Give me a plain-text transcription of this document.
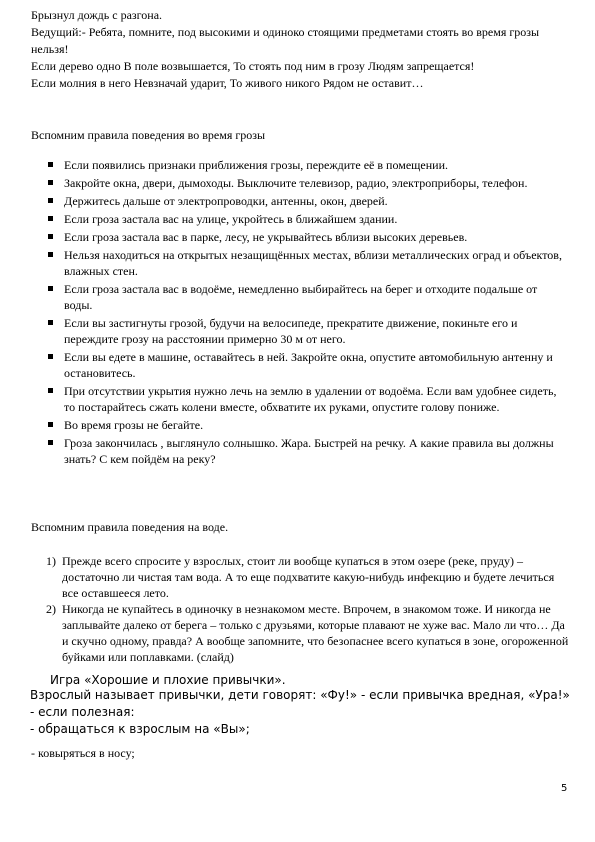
Брызнул дождь с разгона.

Ведущий:- Ребята, помните, под высокими и одиноко стоящими предметами стоять во время грозы нельзя!

Если дерево одно В поле возвышается, То стоять под ним в грозу Людям запрещается!

Если молния в него Невзначай ударит, То живого никого Рядом не оставит…

Вспомним правила поведения во время грозы
Если появились признаки приближения грозы, переждите её в помещении.
Закройте окна, двери, дымоходы. Выключите телевизор, радио, электроприборы, телефон.
Держитесь дальше от электропроводки, антенны, окон, дверей.
Если гроза застала вас на улице, укройтесь в ближайшем здании.
Если гроза застала вас в парке, лесу, не укрывайтесь вблизи высоких деревьев.
Нельзя находиться на открытых незащищённых местах, вблизи металлических оград и объектов, влажных стен.
Если гроза застала вас в водоёме, немедленно выбирайтесь на берег и отходите подальше от воды.
Если вы застигнуты грозой, будучи на велосипеде, прекратите движение, покиньте его и переждите грозу на расстоянии примерно 30 м от него.
Если вы едете в машине, оставайтесь в ней. Закройте окна, опустите автомобильную антенну и остановитесь.
При отсутствии укрытия нужно лечь на землю в удалении от водоёма. Если вам удобнее сидеть, то постарайтесь сжать колени вместе, обхватите их руками, опустите голову пониже.
Во время грозы не бегайте.
Гроза закончилась , выглянуло солнышко. Жара. Быстрей на речку. А какие правила вы должны знать? С кем пойдём на реку?
Вспомним правила поведения на воде.
1) Прежде всего спросите у взрослых, стоит ли вообще купаться в этом озере (реке, пруду) – достаточно ли чистая там вода. А то еще подхватите какую-нибудь инфекцию и будете лечиться все оставшееся лето.
2) Никогда не купайтесь в одиночку в незнакомом месте. Впрочем, в знакомом тоже. И никогда не заплывайте далеко от берега – только с друзьями, которые плавают не хуже вас. Мало ли что… Да и скучно одному, правда? А вообще запомните, что безопаснее всего купаться в зоне, огороженной буйками или поплавками. (слайд)
Игра «Хорошие и плохие привычки».

Взрослый называет привычки, дети говорят: «Фу!» - если привычка вредная, «Ура!» - если полезная:

- обращаться к взрослым на «Вы»;

- ковыряться в носу;
5
